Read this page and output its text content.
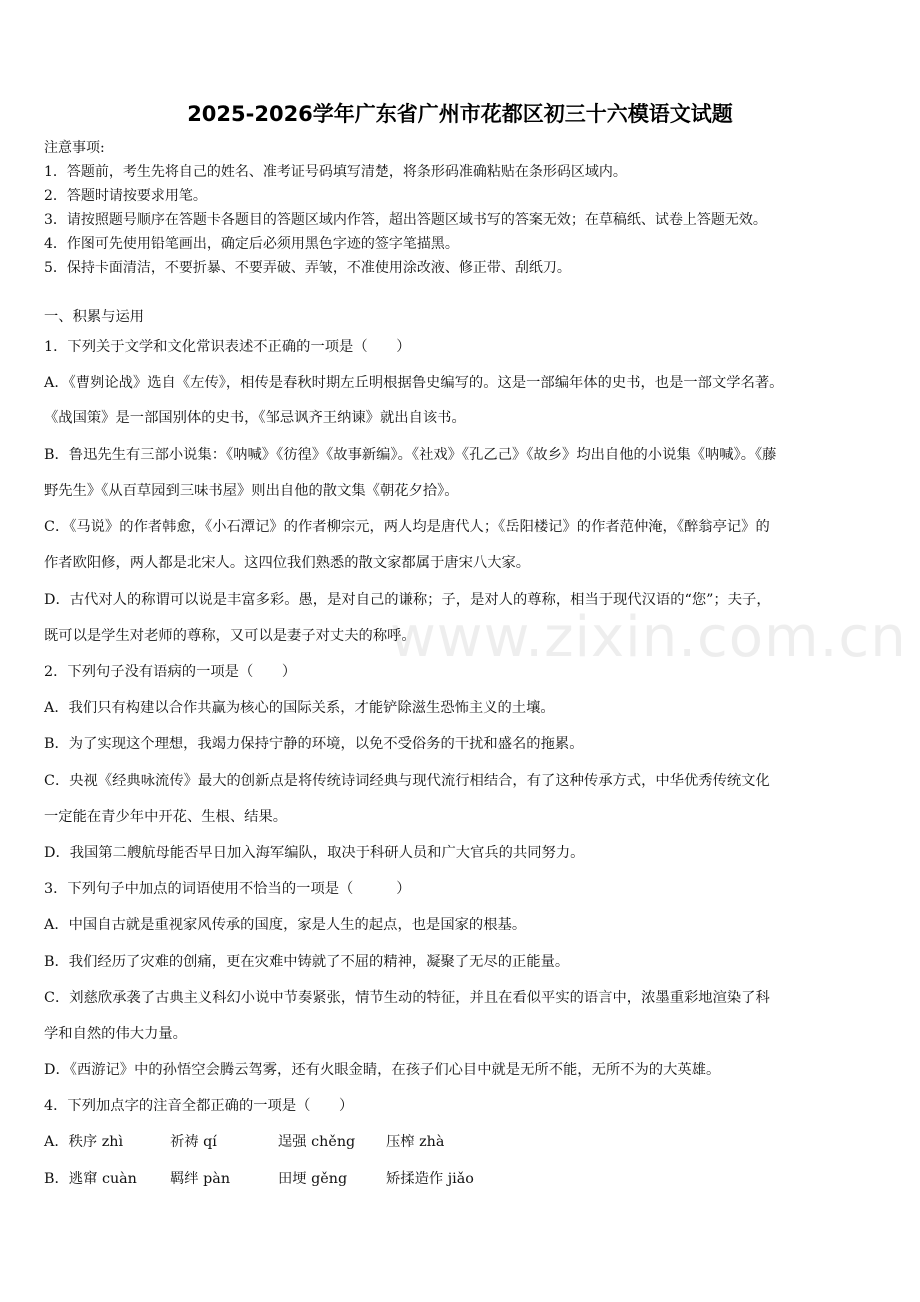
www.zixin.com.cn
2025-2026学年广东省广州市花都区初三十六模语文试题
注意事项:
1．答题前，考生先将自己的姓名、准考证号码填写清楚，将条形码准确粘贴在条形码区域内。
2．答题时请按要求用笔。
3．请按照题号顺序在答题卡各题目的答题区域内作答，超出答题区域书写的答案无效；在草稿纸、试卷上答题无效。
4．作图可先使用铅笔画出，确定后必须用黑色字迹的签字笔描黑。
5．保持卡面清洁，不要折暴、不要弄破、弄皱，不准使用涂改液、修正带、刮纸刀。
一、积累与运用
1．下列关于文学和文化常识表述不正确的一项是（　　）
A．《曹刿论战》选自《左传》，相传是春秋时期左丘明根据鲁史编写的。这是一部编年体的史书，也是一部文学名著。
《战国策》是一部国别体的史书，《邹忌讽齐王纳谏》就出自该书。
B．鲁迅先生有三部小说集：《呐喊》《彷徨》《故事新编》。《社戏》《孔乙己》《故乡》均出自他的小说集《呐喊》。《藤
野先生》《从百草园到三味书屋》则出自他的散文集《朝花夕拾》。
C．《马说》的作者韩愈，《小石潭记》的作者柳宗元，两人均是唐代人；《岳阳楼记》的作者范仲淹，《醉翁亭记》的
作者欧阳修，两人都是北宋人。这四位我们熟悉的散文家都属于唐宋八大家。
D．古代对人的称谓可以说是丰富多彩。愚，是对自己的谦称；子，是对人的尊称，相当于现代汉语的“您”；夫子，
既可以是学生对老师的尊称，又可以是妻子对丈夫的称呼。
2．下列句子没有语病的一项是（　　）
A．我们只有构建以合作共赢为核心的国际关系，才能铲除滋生恐怖主义的土壤。
B．为了实现这个理想，我竭力保持宁静的环境，以免不受俗务的干扰和盛名的拖累。
C．央视《经典咏流传》最大的创新点是将传统诗词经典与现代流行相结合，有了这种传承方式，中华优秀传统文化
一定能在青少年中开花、生根、结果。
D．我国第二艘航母能否早日加入海军编队，取决于科研人员和广大官兵的共同努力。
3．下列句子中加点的词语使用不恰当的一项是（　　　）
A．中国自古就是重视家风传承的国度，家是人生的起点，也是国家的根基。
B．我们经历了灾难的创痛，更在灾难中铸就了不屈的精神，凝聚了无尽的正能量。
C．刘慈欣承袭了古典主义科幻小说中节奏紧张，情节生动的特征，并且在看似平实的语言中，浓墨重彩地渲染了科
学和自然的伟大力量。
D．《西游记》中的孙悟空会腾云驾雾，还有火眼金睛，在孩子们心目中就是无所不能，无所不为的大英雄。
4．下列加点字的注音全都正确的一项是（　　）
A．秩序 zhì	祈祷 qí	逞强 chěng 压榨 zhà
B．逃窜 cuàn 羁绊 pàn	田埂 gěng	矫揉造作 jiǎo
